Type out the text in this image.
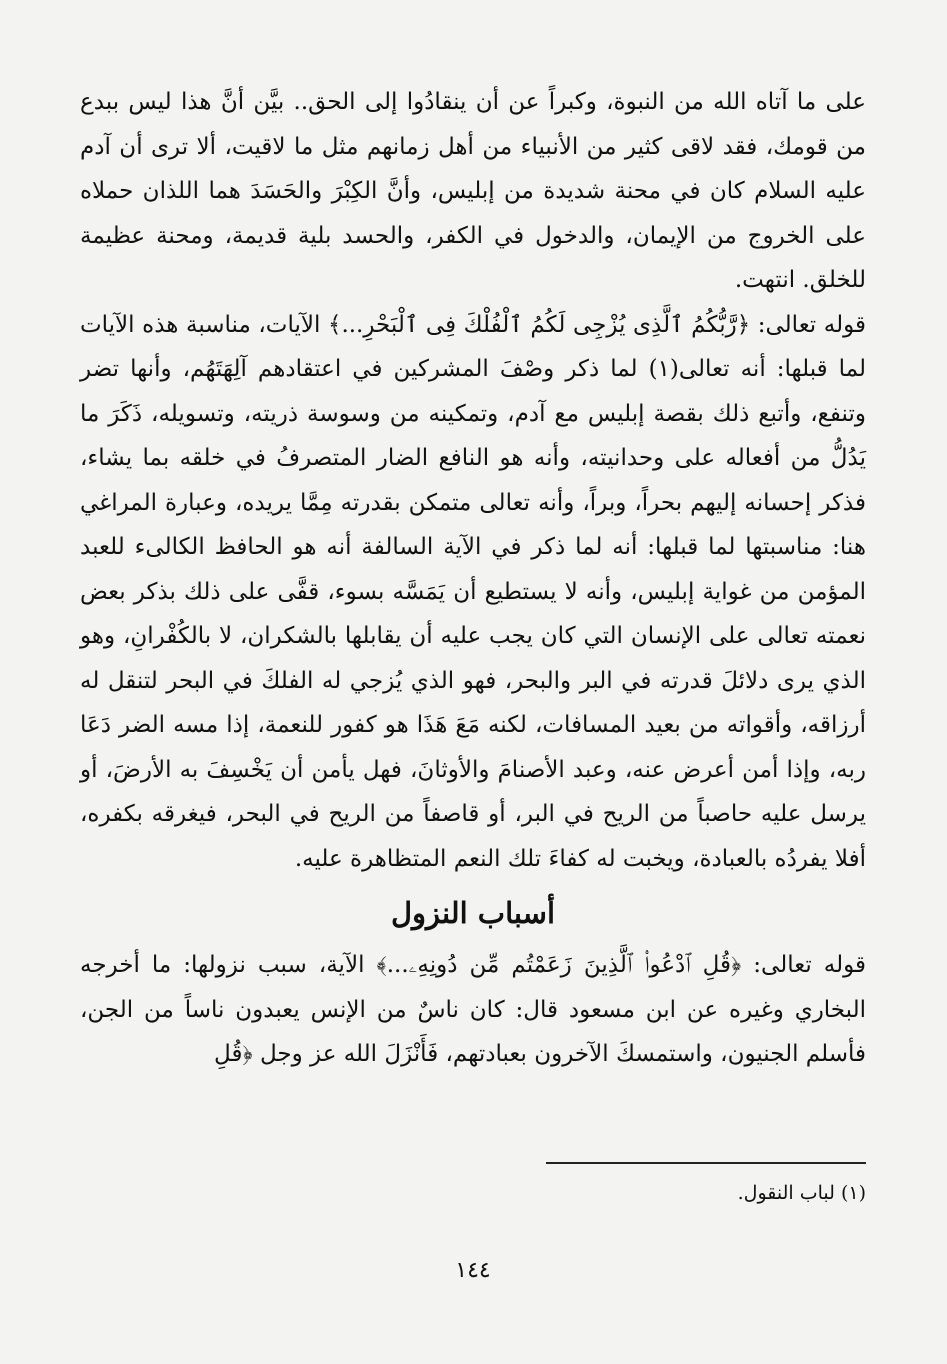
على ما آتاه الله من النبوة، وكبراً عن أن ينقادُوا إلى الحق.. بيَّن أنَّ هذا ليس ببدع من قومك، فقد لاقى كثير من الأنبياء من أهل زمانهم مثل ما لاقيت، ألا ترى أن آدم عليه السلام كان في محنة شديدة من إبليس، وأنَّ الكِبْرَ والحَسَدَ هما اللذان حملاه على الخروج من الإيمان، والدخول في الكفر، والحسد بلية قديمة، ومحنة عظيمة للخلق. انتهت.

قوله تعالى: ﴿رَّبُّكُمُ ٱلَّذِى يُزْجِى لَكُمُ ٱلْفُلْكَ فِى ٱلْبَحْرِ...﴾ الآيات، مناسبة هذه الآيات لما قبلها: أنه تعالى(١) لما ذكر وصْفَ المشركين في اعتقادهم آلِهَتَهُم، وأنها تضر وتنفع، وأتبع ذلك بقصة إبليس مع آدم، وتمكينه من وسوسة ذريته، وتسويله، ذَكَرَ ما يَدُلُّ من أفعاله على وحدانيته، وأنه هو النافع الضار المتصرفُ في خلقه بما يشاء، فذكر إحسانه إليهم بحراً، وبراً، وأنه تعالى متمكن بقدرته مِمَّا يريده، وعبارة المراغي هنا: مناسبتها لما قبلها: أنه لما ذكر في الآية السالفة أنه هو الحافظ الكالىء للعبد المؤمن من غواية إبليس، وأنه لا يستطيع أن يَمَسَّه بسوء، قفَّى على ذلك بذكر بعض نعمته تعالى على الإنسان التي كان يجب عليه أن يقابلها بالشكران، لا بالكُفْرانِ، وهو الذي يرى دلائلَ قدرته في البر والبحر، فهو الذي يُزجي له الفلكَ في البحر لتنقل له أرزاقه، وأقواته من بعيد المسافات، لكنه مَعَ هَذَا هو كفور للنعمة، إذا مسه الضر دَعَا ربه، وإذا أمن أعرض عنه، وعبد الأصنامَ والأوثانَ، فهل يأمن أن يَخْسِفَ به الأرضَ، أو يرسل عليه حاصباً من الريح في البر، أو قاصفاً من الريح في البحر، فيغرقه بكفره، أفلا يفردُه بالعبادة، ويخبت له كفاءَ تلك النعم المتظاهرة عليه.

أسباب النزول

قوله تعالى: ﴿قُلِ ٱدْعُوا۟ ٱلَّذِينَ زَعَمْتُم مِّن دُونِهِۦ...﴾ الآية، سبب نزولها: ما أخرجه البخاري وغيره عن ابن مسعود قال: كان ناسٌ من الإنس يعبدون ناساً من الجن، فأسلم الجنيون، واستمسكَ الآخرون بعبادتهم، فَأَنْزَلَ الله عز وجل ﴿قُلِ

(١) لباب النقول.
١٤٤
